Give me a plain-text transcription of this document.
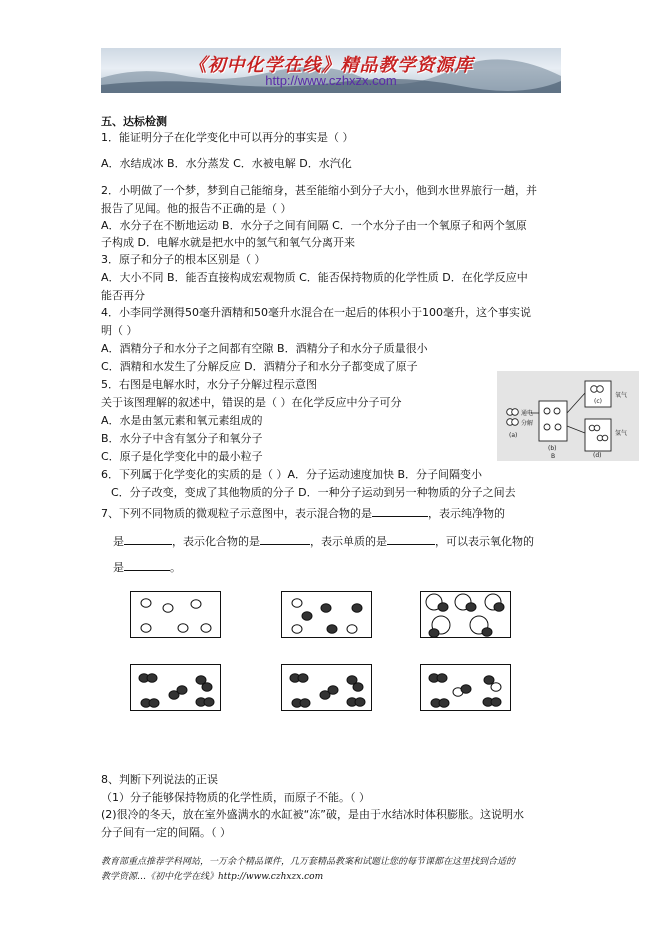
《初中化学在线》精品教学资源库
http://www.czhxzx.com
五、达标检测
1．能证明分子在化学变化中可以再分的事实是（ ）
A．水结成冰 B．水分蒸发 C．水被电解 D．水汽化
2．小明做了一个梦，梦到自己能缩身，甚至能缩小到分子大小，他到水世界旅行一趟，并
报告了见闻。他的报告不正确的是（ ）
A．水分子在不断地运动 B．水分子之间有间隔 C．一个水分子由一个氧原子和两个氢原
子构成 D．电解水就是把水中的氢气和氧气分离开来
3．原子和分子的根本区别是（ ）
A．大小不同 B．能否直接构成宏观物质 C．能否保持物质的化学性质 D．在化学反应中
能否再分
4．小李同学测得50毫升酒精和50毫升水混合在一起后的体积小于100毫升，这个事实说
明（ ）
A．酒精分子和水分子之间都有空隙 B．酒精分子和水分子质量很小
C．酒精和水发生了分解反应 D．酒精分子和水分子都变成了原子
5．右图是电解水时，水分子分解过程示意图
关于该图理解的叙述中，错误的是（ ）在化学反应中分子可分
A．水是由氢元素和氧元素组成的
B．水分子中含有氢分子和氧分子
C．原子是化学变化中的最小粒子
通电
分解
(a)
(b)
B
(c)
氧气
(d)
氢气
6．下列属于化学变化的实质的是（ ）A．分子运动速度加快 B．分子间隔变小
C．分子改变，变成了其他物质的分子 D．一种分子运动到另一种物质的分子之间去
7、下列不同物质的微观粒子示意图中，表示混合物的是	，表示纯净物的
是	，表示化合物的是	，表示单质的是	，可以表示氧化物的
是	。
8、判断下列说法的正误
（1）分子能够保持物质的化学性质，而原子不能。（ ）
(2)很冷的冬天，放在室外盛满水的水缸被“冻”破，是由于水结冰时体积膨胀。这说明水
分子间有一定的间隔。（ ）
教育部重点推荐学科网站，一万余个精品课件，几万套精品教案和试题让您的每节课都在这里找到合适的
教学资源…《初中化学在线》http://www.czhxzx.com
